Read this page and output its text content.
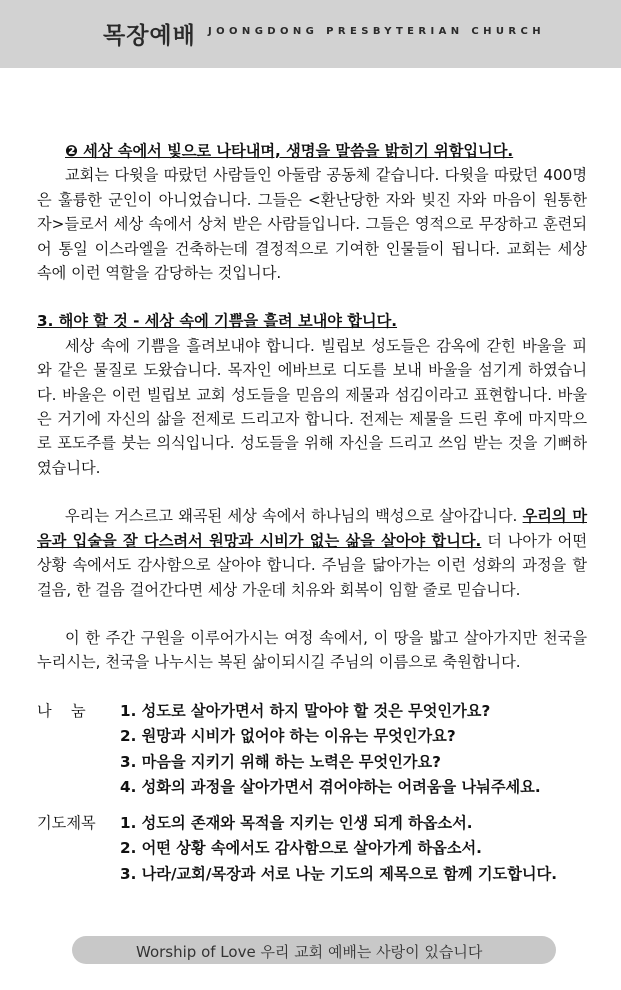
목장예배 JOONGDONG PRESBYTERIAN CHURCH
❷ 세상 속에서 빛으로 나타내며, 생명을 말씀을 밝히기 위함입니다.

교회는 다윗을 따랐던 사람들인 아둘람 공동체 같습니다. 다윗을 따랐던 400명은 훌륭한 군인이 아니었습니다. 그들은 <환난당한 자와 빚진 자와 마음이 원통한 자>들로서 세상 속에서 상처 받은 사람들입니다. 그들은 영적으로 무장하고 훈련되어 통일 이스라엘을 건축하는데 결정적으로 기여한 인물들이 됩니다. 교회는 세상 속에 이런 역할을 감당하는 것입니다.

3. 해야 할 것 - 세상 속에 기쁨을 흘려 보내야 합니다.

세상 속에 기쁨을 흘려보내야 합니다. 빌립보 성도들은 감옥에 갇힌 바울을 피와 같은 물질로 도왔습니다. 목자인 에바브로 디도를 보내 바울을 섬기게 하였습니다. 바울은 이런 빌립보 교회 성도들을 믿음의 제물과 섬김이라고 표현합니다. 바울은 거기에 자신의 삶을 전제로 드리고자 합니다. 전제는 제물을 드린 후에 마지막으로 포도주를 붓는 의식입니다. 성도들을 위해 자신을 드리고 쓰임 받는 것을 기뻐하였습니다.

우리는 거스르고 왜곡된 세상 속에서 하나님의 백성으로 살아갑니다. 우리의 마음과 입술을 잘 다스려서 원망과 시비가 없는 삶을 살아야 합니다. 더 나아가 어떤 상황 속에서도 감사함으로 살아야 합니다. 주님을 닮아가는 이런 성화의 과정을 할 걸음, 한 걸음 걸어간다면 세상 가운데 치유와 회복이 임할 줄로 믿습니다.

이 한 주간 구원을 이루어가시는 여정 속에서, 이 땅을 밟고 살아가지만 천국을 누리시는, 천국을 나누시는 복된 삶이되시길 주님의 이름으로 축원합니다.

나    눔	1. 성도로 살아가면서 하지 말아야 할 것은 무엇인가요?
2. 원망과 시비가 없어야 하는 이유는 무엇인가요?
3. 마음을 지키기 위해 하는 노력은 무엇인가요?
4. 성화의 과정을 살아가면서 겪어야하는 어려움을 나눠주세요.
기도제목	1. 성도의 존재와 목적을 지키는 인생 되게 하옵소서.
2. 어떤 상황 속에서도 감사함으로 살아가게 하옵소서.
3. 나라/교회/목장과 서로 나눈 기도의 제목으로 함께 기도합니다.
Worship of Love 우리 교회 예배는 사랑이 있습니다
